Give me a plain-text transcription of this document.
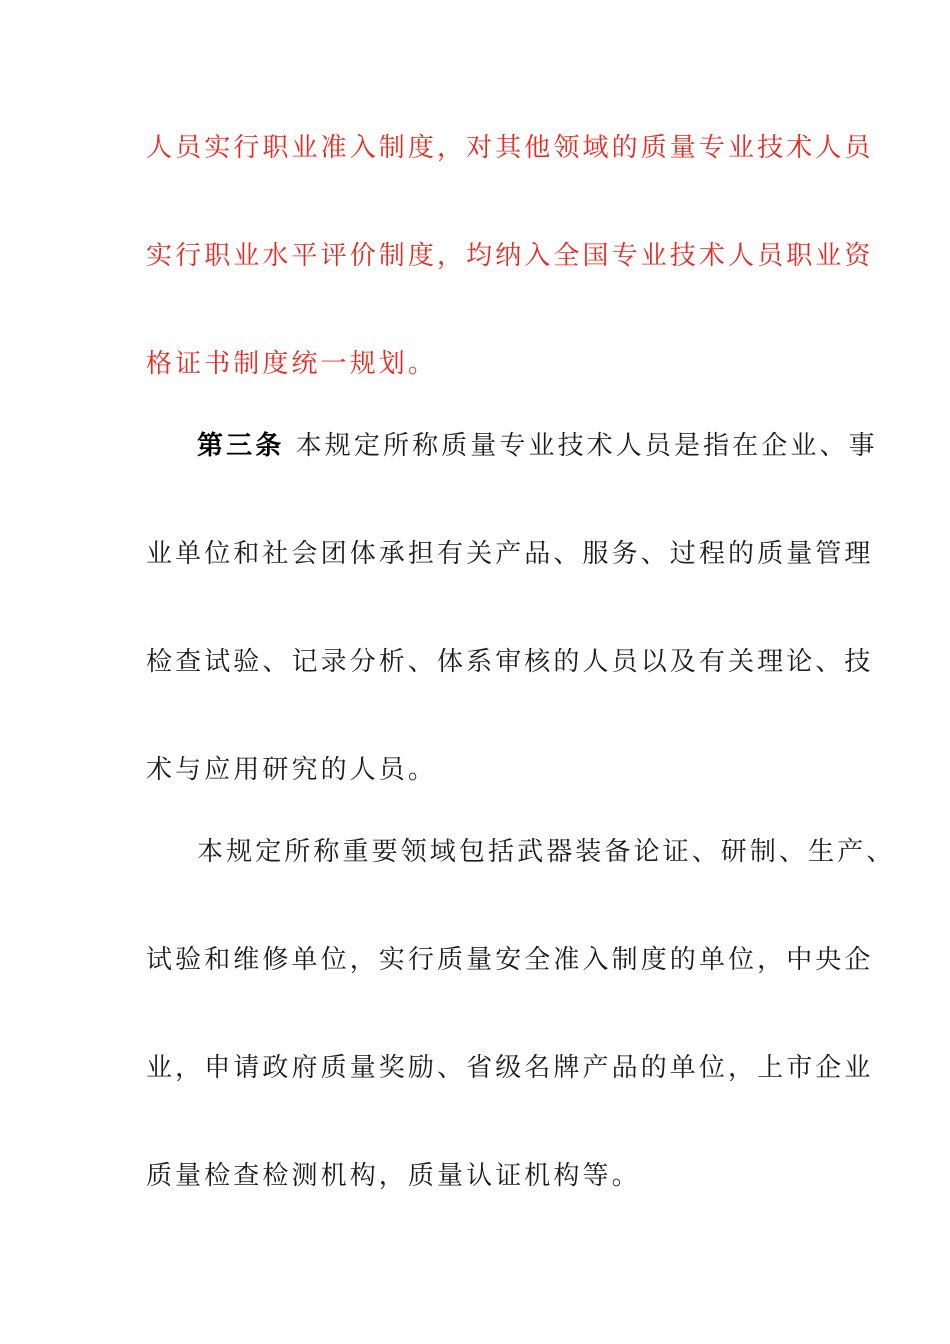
人员实行职业准入制度，对其他领域的质量专业技术人员
实行职业水平评价制度，均纳入全国专业技术人员职业资
格证书制度统一规划。
第三条 本规定所称质量专业技术人员是指在企业、事
业单位和社会团体承担有关产品、服务、过程的质量管理
检查试验、记录分析、体系审核的人员以及有关理论、技
术与应用研究的人员。
本规定所称重要领域包括武器装备论证、研制、生产、
试验和维修单位，实行质量安全准入制度的单位，中央企
业，申请政府质量奖励、省级名牌产品的单位，上市企业
质量检查检测机构，质量认证机构等。
